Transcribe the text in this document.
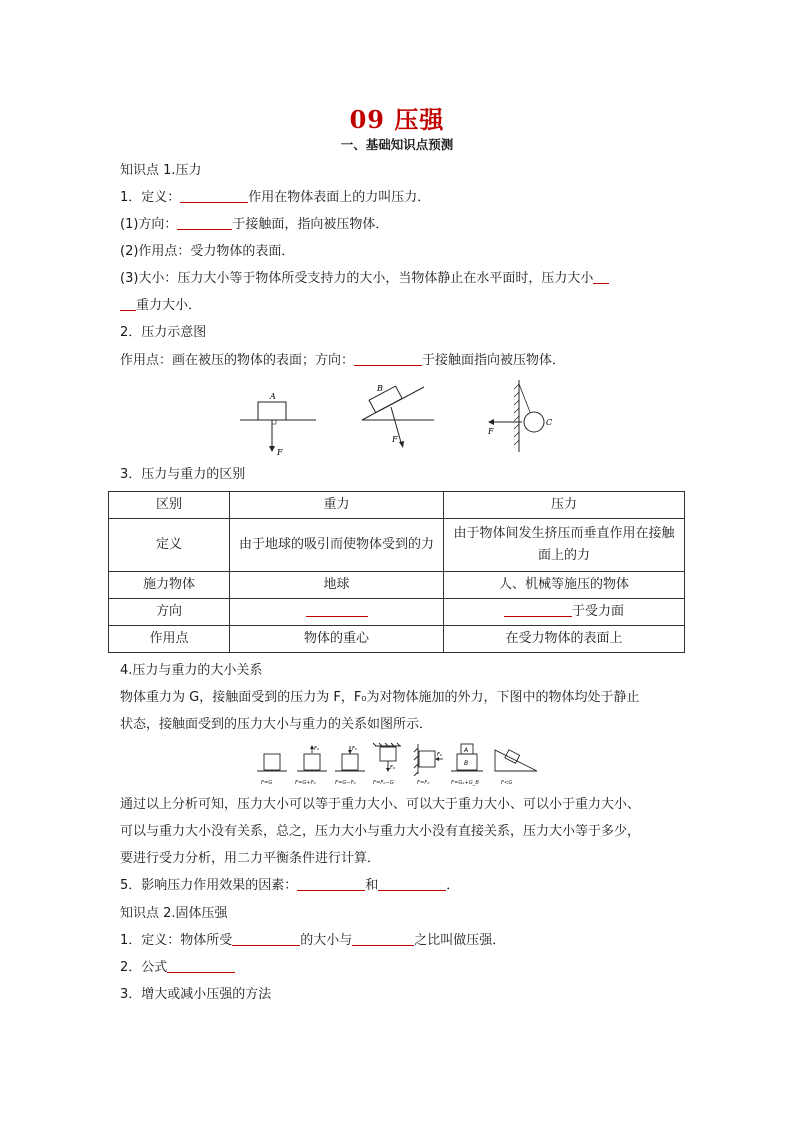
09 压强
一、基础知识点预测
知识点 1.压力
1．定义：	作用在物体表面上的力叫压力．
(1)方向：	于接触面，指向被压物体．
(2)作用点：受力物体的表面．
(3)大小：压力大小等于物体所受支持力的大小，当物体静止在水平面时，压力大小
重力大小．
2．压力示意图
作用点：画在被压的物体的表面；方向：	于接触面指向被压物体．
A
F
B
F
C
F
3．压力与重力的区别
区别	重力	压力
定义	由于地球的吸引而使物体受到的力	由于物体间发生挤压而垂直作用在接触面上的力
施力物体	地球	人、机械等施压的物体
方向		于受力面
作用点	物体的重心	在受力物体的表面上
4.压力与重力的大小关系
物体重力为 G，接触面受到的压力为 F，F₀为对物体施加的外力，下图中的物体均处于静止
状态，接触面受到的压力大小与重力的关系如图所示．
F₀	F₀
F₀
F₀
A
B
F=G	F=G+F₀	F=G−F₀	F=F₀−G	F=F₀	F=Gₐ+G_B	F<G
通过以上分析可知，压力大小可以等于重力大小、可以大于重力大小、可以小于重力大小、
可以与重力大小没有关系，总之，压力大小与重力大小没有直接关系，压力大小等于多少，
要进行受力分析，用二力平衡条件进行计算．
5．影响压力作用效果的因素：	和	．
知识点 2.固体压强
1．定义：物体所受	的大小与	之比叫做压强．
2．公式
3．增大或减小压强的方法
